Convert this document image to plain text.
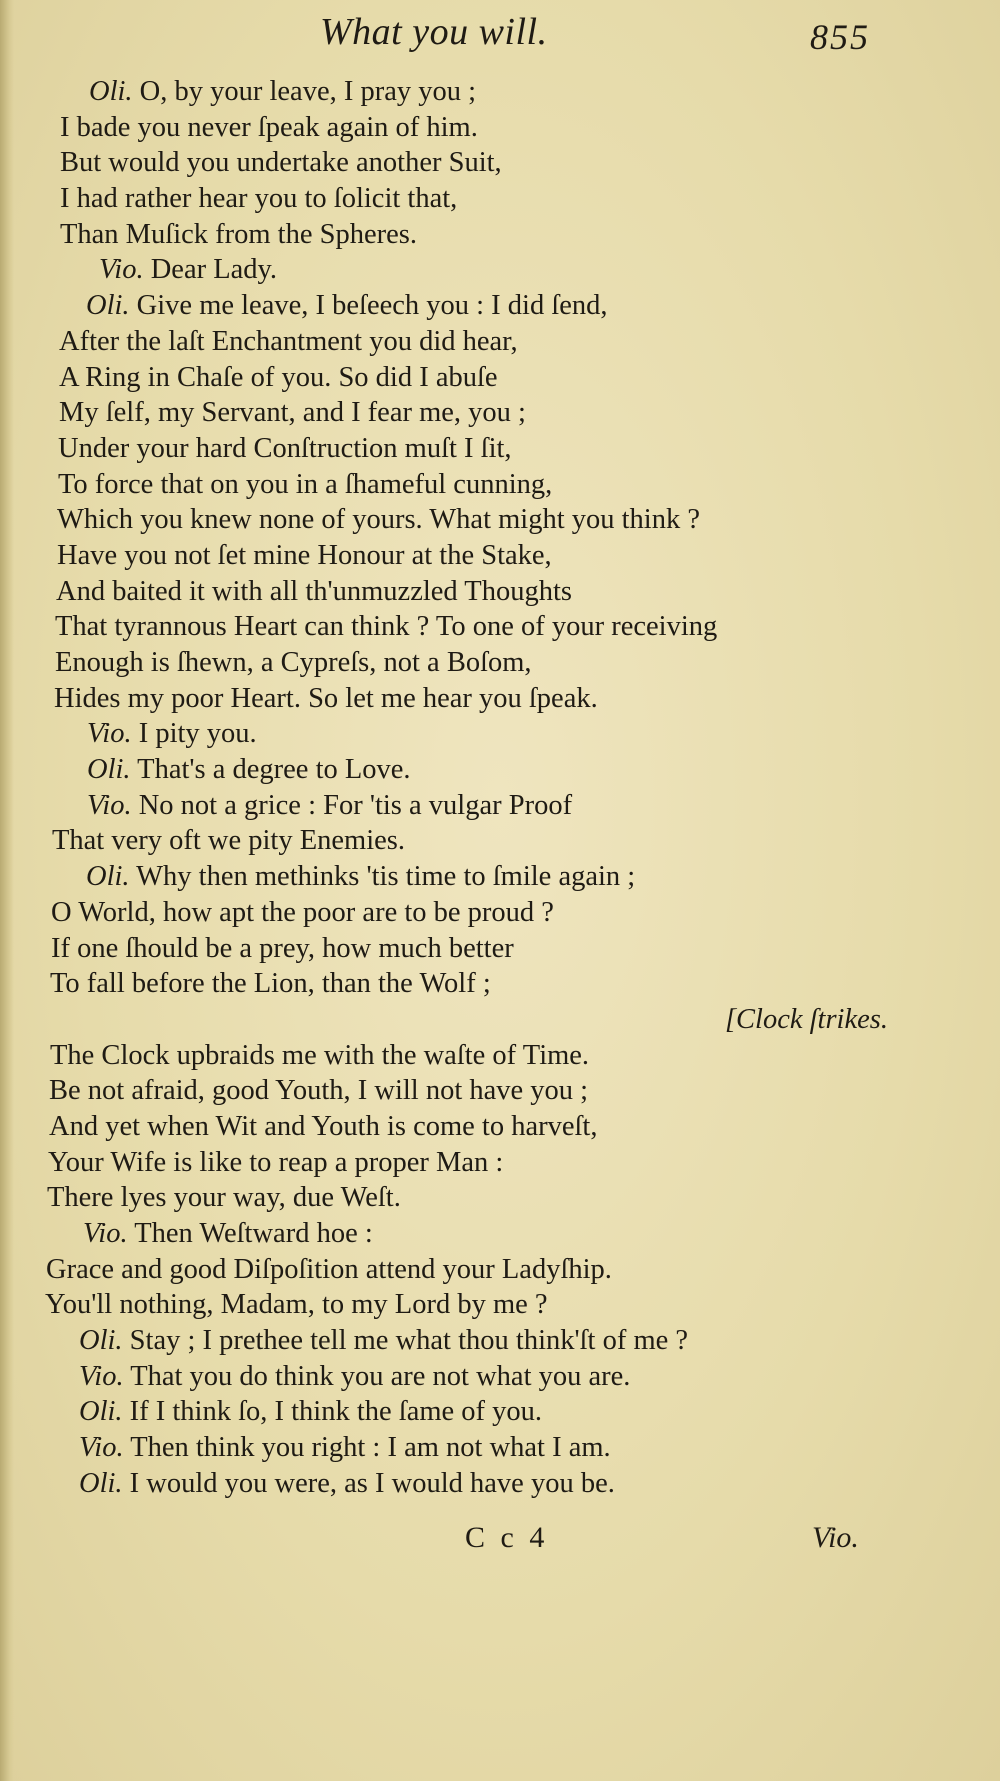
What you will.	855
Oli. O, by your leave, I pray you ;
I bade you never ſpeak again of him.
But would you undertake another Suit,
I had rather hear you to ſolicit that,
Than Muſick from the Spheres.
Vio. Dear Lady.
Oli. Give me leave, I beſeech you : I did ſend,
After the laſt Enchantment you did hear,
A Ring in Chaſe of you. So did I abuſe
My ſelf, my Servant, and I fear me, you ;
Under your hard Conſtruction muſt I ſit,
To force that on you in a ſhameful cunning,
Which you knew none of yours. What might you think ?
Have you not ſet mine Honour at the Stake,
And baited it with all th'unmuzzled Thoughts
That tyrannous Heart can think ? To one of your receiving
Enough is ſhewn, a Cypreſs, not a Boſom,
Hides my poor Heart. So let me hear you ſpeak.
Vio. I pity you.
Oli. That's a degree to Love.
Vio. No not a grice : For 'tis a vulgar Proof
That very oft we pity Enemies.
Oli. Why then methinks 'tis time to ſmile again ;
O World, how apt the poor are to be proud ?
If one ſhould be a prey, how much better
To fall before the Lion, than the Wolf ;
[Clock ſtrikes.
The Clock upbraids me with the waſte of Time.
Be not afraid, good Youth, I will not have you ;
And yet when Wit and Youth is come to harveſt,
Your Wife is like to reap a proper Man :
There lyes your way, due Weſt.
Vio. Then Weſtward hoe :
Grace and good Diſpoſition attend your Ladyſhip.
You'll nothing, Madam, to my Lord by me ?
Oli. Stay ; I prethee tell me what thou think'ſt of me ?
Vio. That you do think you are not what you are.
Oli. If I think ſo, I think the ſame of you.
Vio. Then think you right : I am not what I am.
Oli. I would you were, as I would have you be.
C c 4	Vio.
